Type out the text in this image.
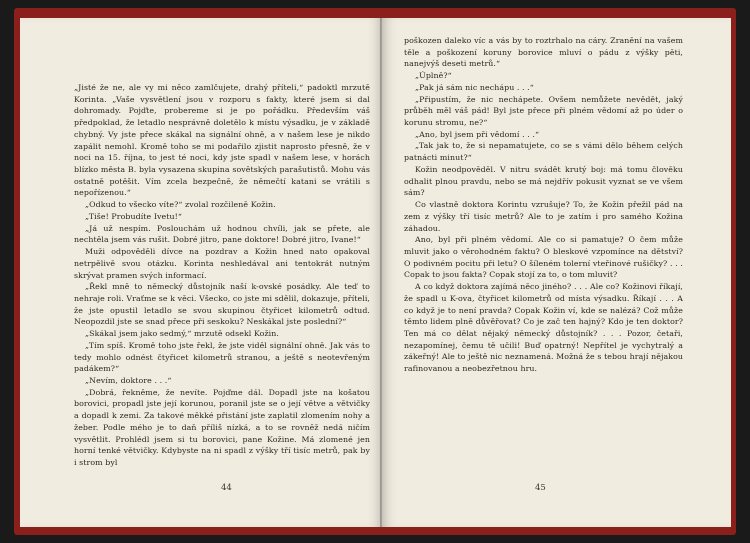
„Jisté že ne, ale vy mi něco zamlčujete, drahý příteli,“ padoktl mrzutě Korinta. „Vaše vysvětlení jsou v rozporu s fakty, které jsem si dal dohromady. Pojďte, probereme si je po pořádku. Především váš předpoklad, že letadlo nesprávně doletělo k místu výsadku, je v základě chybný. Vy jste přece skákal na signální ohně, a v našem lese je nikdo zapálit nemohl. Kromě toho se mi podařilo zjistit naprosto přesně, že v noci na 15. října, to jest té noci, kdy jste spadl v našem lese, v horách blízko města B. byla vysazena skupina sovětských parašutistů. Mohu vás ostatně potěšit. Vím zcela bezpečně, že němečtí katani se vrátili s nepořízenou.“

„Odkud to všecko víte?“ zvolal rozčileně Kožin.

„Tiše! Probudíte Ivetu!“

„Já už nespím. Poslouchám už hodnou chvíli, jak se přete, ale nechtěla jsem vás rušit. Dobré jitro, pane doktore! Dobré jitro, Ivane!“

Muži odpověděli dívce na pozdrav a Kožin hned nato opakoval netrpělivě svou otázku. Korinta neshledával ani tentokrát nutným skrývat pramen svých informací.

„Řekl mně to německý důstojník naší k-ovské posádky. Ale teď to nehraje roli. Vraťme se k věci. Všecko, co jste mi sdělil, dokazuje, příteli, že jste opustil letadlo se svou skupinou čtyřicet kilometrů odtud. Neopozdil jste se snad přece při seskoku? Neskákal jste poslední?“

„Skákal jsem jako sedmý,“ mrzutě odsekl Kožin.

„Tím spíš. Kromě toho jste řekl, že jste viděl signální ohně. Jak vás to tedy mohlo odnést čtyřicet kilometrů stranou, a ještě s neotevřeným padákem?“

„Nevím, doktore . . .“

„Dobrá, řekněme, že nevíte. Pojďme dál. Dopadl jste na košatou borovici, propadl jste její korunou, poranil jste se o její větve a větvičky a dopadl k zemi. Za takové měkké přistání jste zaplatil zlomením nohy a žeber. Podle mého je to daň příliš nízká, a to se rovněž nedá ničím vysvětlit. Prohlédl jsem si tu borovici, pane Kožine. Má zlomené jen horní tenké větvičky. Kdybyste na ni spadl z výšky tří tisíc metrů, pak by i strom byl

44

poškozen daleko víc a vás by to roztrhalo na cáry. Zranění na vašem těle a poškození koruny borovice mluví o pádu z výšky pěti, nanejvýš deseti metrů.“

„Úplně?“

„Pak já sám nic nechápu . . .“

„Připustím, že nic nechápete. Ovšem nemůžete nevědět, jaký průběh měl váš pád! Byl jste přece při plném vědomí až po úder o korunu stromu, ne?“

„Ano, byl jsem při vědomí . . .“

„Tak jak to, že si nepamatujete, co se s vámi dělo během celých patnácti minut?“

Kožin neodpověděl. V nitru svádět krutý boj: má tomu člověku odhalit plnou pravdu, nebo se má nejdřív pokusit vyznat se ve všem sám?

Co vlastně doktora Korintu vzrušuje? To, že Kožin přežil pád na zem z výšky tří tisíc metrů? Ale to je zatím i pro samého Kožina záhadou.

Ano, byl při plném vědomí. Ale co si pamatuje? O čem může mluvit jako o věrohodném faktu? O bleskové vzpomínce na dětství? O podivném pocitu při letu? O šíleném tolerní vteřinové rušičky? . . . Copak to jsou fakta? Copak stojí za to, o tom mluvit?

A co když doktora zajímá něco jiného? . . . Ale co? Kožinovi říkají, že spadl u K-ova, čtyřicet kilometrů od místa výsadku. Říkají . . . A co když je to není pravda? Copak Kožin ví, kde se nalézá? Což může těmto lidem plně důvěřovat? Co je zač ten hajný? Kdo je ten doktor? Ten má co dělat nějaký německý důstojník? . . . Pozor, četaři, nezapomínej, čemu tě učili! Buď opatrný! Nepřítel je vychytralý a zákeřný! Ale to ještě nic neznamená. Možná že s tebou hrají nějakou rafinovanou a neobezřetnou hru.

45
